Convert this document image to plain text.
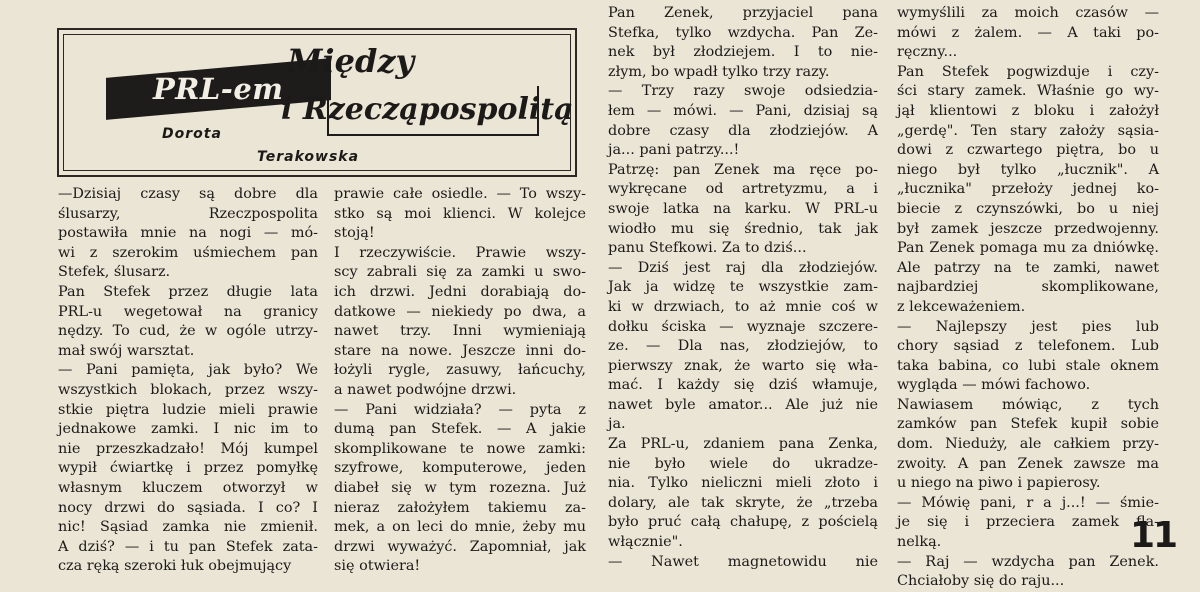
PRL-em
Między
i Rzecząpospolitą
Dorota
Terakowska
—Dzisiaj czasy są dobre dla
ślusarzy, Rzeczpospolita
postawiła mnie na nogi — mó-
wi z szerokim uśmiechem pan
Stefek, ślusarz.
Pan Stefek przez długie lata
PRL-u wegetował na granicy
nędzy. To cud, że w ogóle utrzy-
mał swój warsztat.
— Pani pamięta, jak było? We
wszystkich blokach, przez wszy-
stkie piętra ludzie mieli prawie
jednakowe zamki. I nic im to
nie przeszkadzało! Mój kumpel
wypił ćwiartkę i przez pomyłkę
własnym kluczem otworzył w
nocy drzwi do sąsiada. I co? I
nic! Sąsiad zamka nie zmienił.
A dziś? — i tu pan Stefek zata-
cza ręką szeroki łuk obejmujący
prawie całe osiedle. — To wszy-
stko są moi klienci. W kolejce
stoją!
I rzeczywiście. Prawie wszy-
scy zabrali się za zamki u swo-
ich drzwi. Jedni dorabiają do-
datkowe — niekiedy po dwa, a
nawet trzy. Inni wymieniają
stare na nowe. Jeszcze inni do-
łożyli rygle, zasuwy, łańcuchy,
a nawet podwójne drzwi.
— Pani widziała? — pyta z
dumą pan Stefek. — A jakie
skomplikowane te nowe zamki:
szyfrowe, komputerowe, jeden
diabeł się w tym rozezna. Już
nieraz założyłem takiemu za-
mek, a on leci do mnie, żeby mu
drzwi wyważyć. Zapomniał, jak
się otwiera!
Pan Zenek, przyjaciel pana
Stefka, tylko wzdycha. Pan Ze-
nek był złodziejem. I to nie-
złym, bo wpadł tylko trzy razy.
— Trzy razy swoje odsiedzia-
łem — mówi. — Pani, dzisiaj są
dobre czasy dla złodziejów. A
ja... pani patrzy...!
Patrzę: pan Zenek ma ręce po-
wykręcane od artretyzmu, a i
swoje latka na karku. W PRL-u
wiodło mu się średnio, tak jak
panu Stefkowi. Za to dziś...
— Dziś jest raj dla złodziejów.
Jak ja widzę te wszystkie zam-
ki w drzwiach, to aż mnie coś w
dołku ściska — wyznaje szczere-
ze. — Dla nas, złodziejów, to
pierwszy znak, że warto się wła-
mać. I każdy się dziś włamuje,
nawet byle amator... Ale już nie
ja.
Za PRL-u, zdaniem pana Zenka,
nie było wiele do ukradze-
nia. Tylko nieliczni mieli złoto i
dolary, ale tak skryte, że „trzeba
było pruć całą chałupę, z pościelą
włącznie".
— Nawet magnetowidu nie
wymyślili za moich czasów —
mówi z żalem. — A taki po-
ręczny...
Pan Stefek pogwizduje i czy-
ści stary zamek. Właśnie go wy-
jął klientowi z bloku i założył
„gerdę". Ten stary założy sąsia-
dowi z czwartego piętra, bo u
niego był tylko „łucznik". A
„łucznika" przełoży jednej ko-
biecie z czynszówki, bo u niej
był zamek jeszcze przedwojenny.
Pan Zenek pomaga mu za dniówkę.
Ale patrzy na te zamki, nawet
najbardziej skomplikowane,
z lekceważeniem.
— Najlepszy jest pies lub
chory sąsiad z telefonem. Lub
taka babina, co lubi stale oknem
wygląda — mówi fachowo.
Nawiasem mówiąc, z tych
zamków pan Stefek kupił sobie
dom. Nieduży, ale całkiem przy-
zwoity. A pan Zenek zawsze ma
u niego na piwo i papierosy.
— Mówię pani, r a j...! — śmie-
je się i przeciera zamek fla-
nelką.
— Raj — wzdycha pan Zenek.
Chciałoby się do raju...
11
